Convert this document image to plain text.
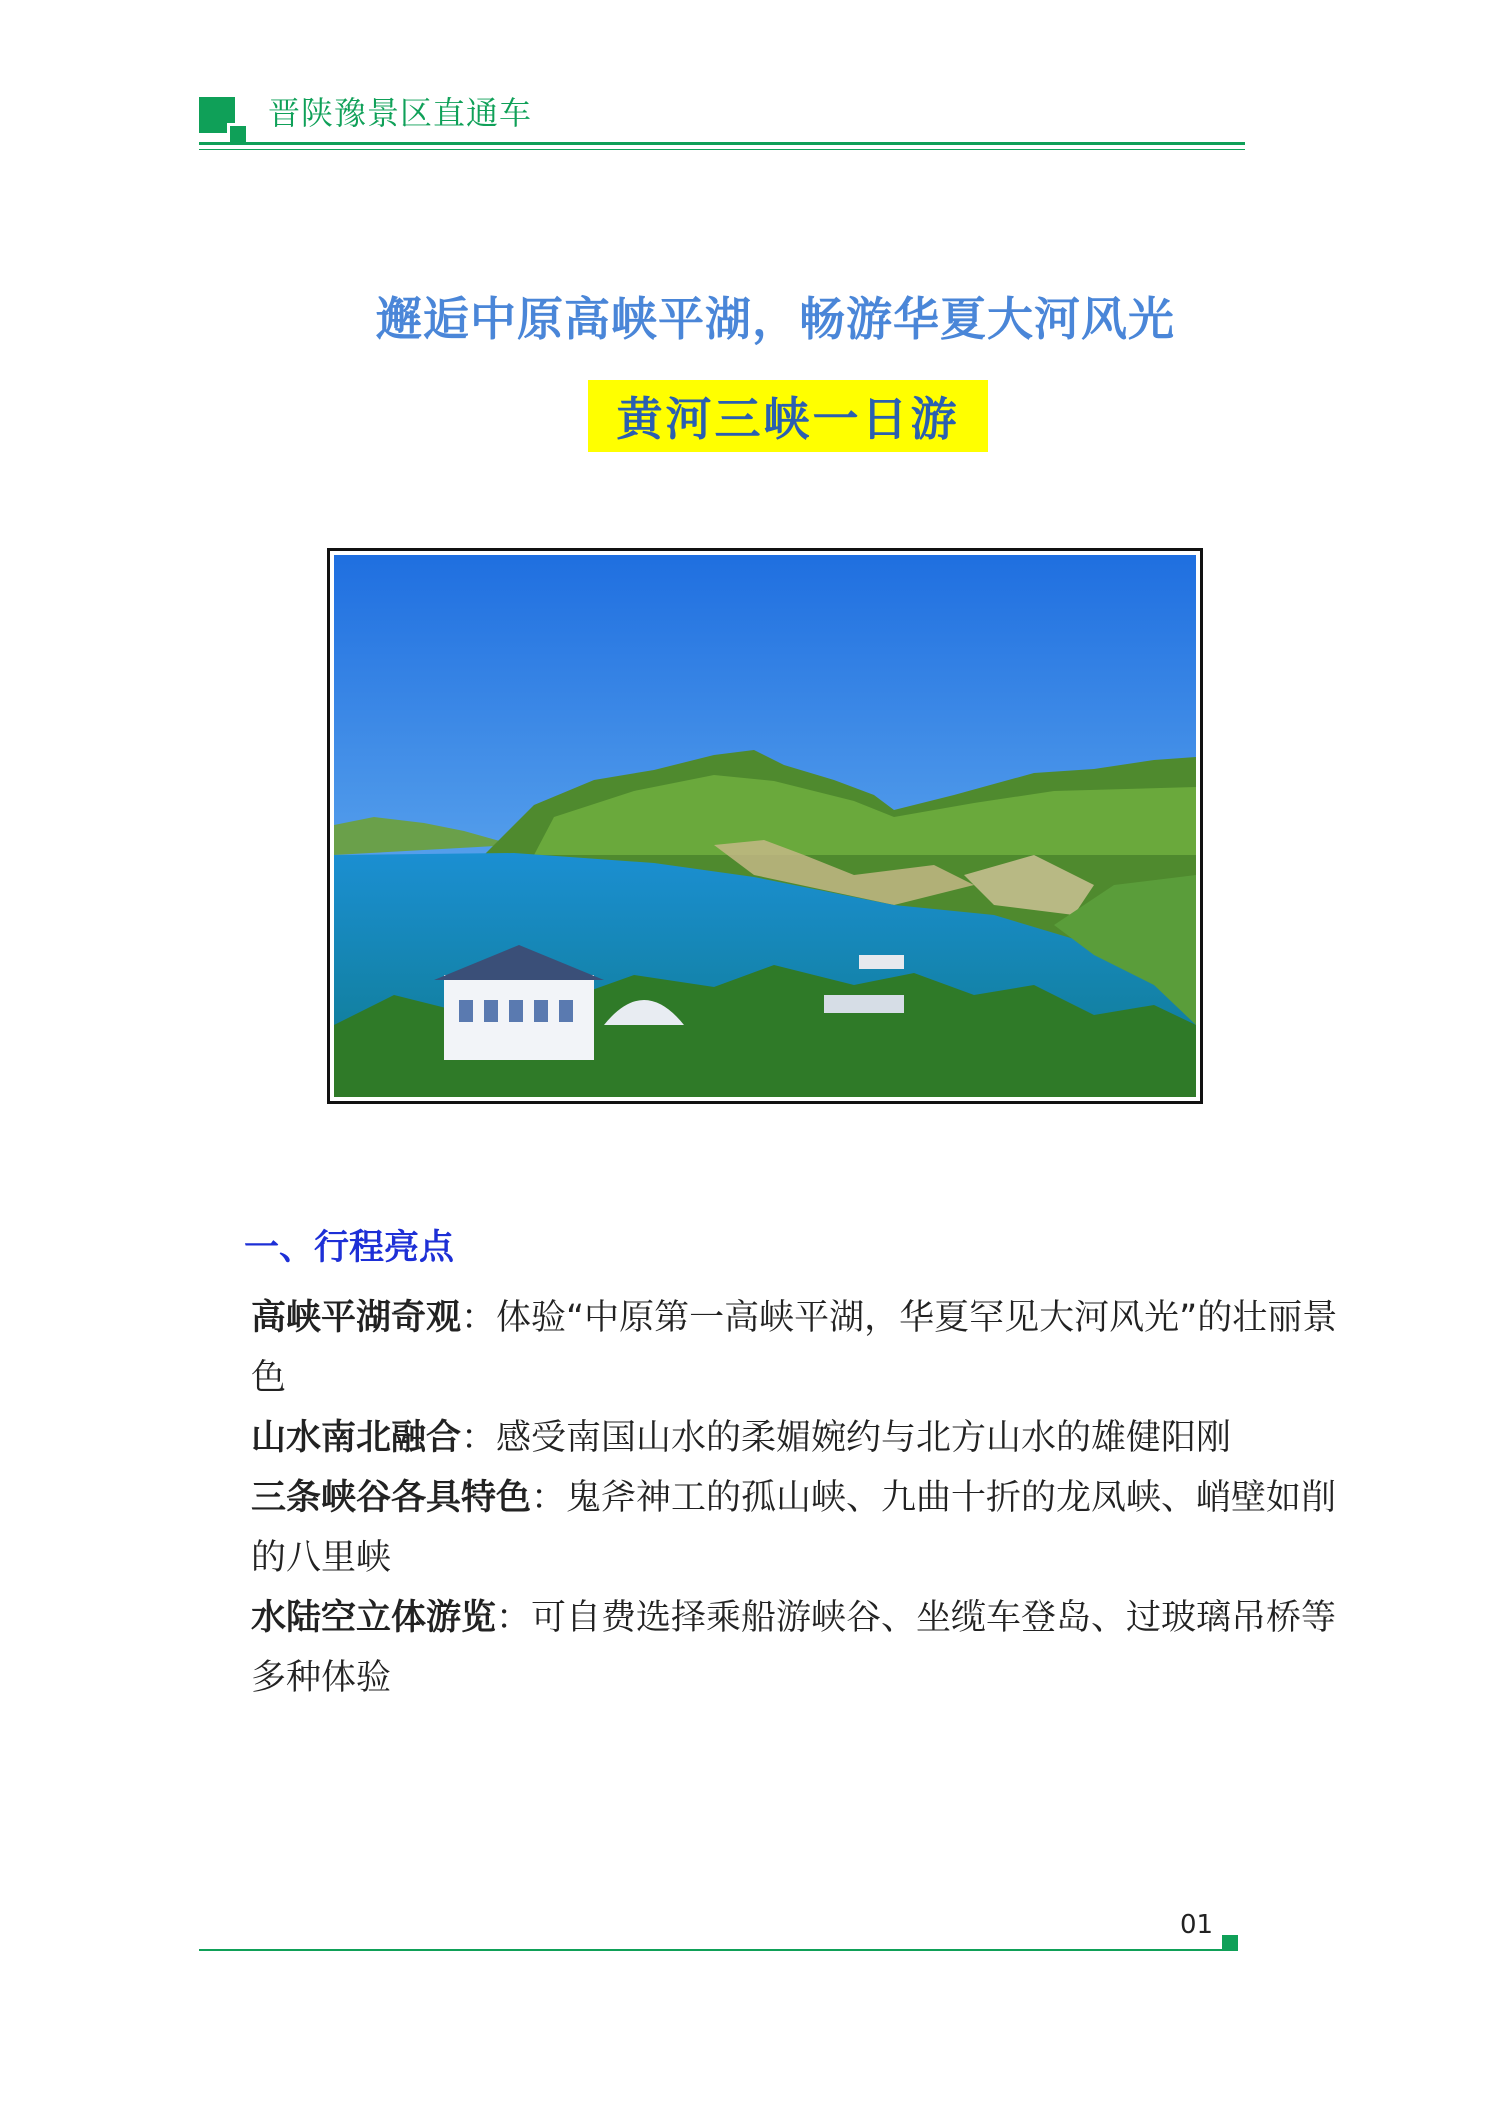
晋陕豫景区直通车
邂逅中原高峡平湖，畅游华夏大河风光
黄河三峡一日游
一、行程亮点
高峡平湖奇观：体验“中原第一高峡平湖，华夏罕见大河风光”的壮丽景色
山水南北融合：感受南国山水的柔媚婉约与北方山水的雄健阳刚
三条峡谷各具特色：鬼斧神工的孤山峡、九曲十折的龙凤峡、峭壁如削的八里峡
水陆空立体游览：可自费选择乘船游峡谷、坐缆车登岛、过玻璃吊桥等多种体验
01
